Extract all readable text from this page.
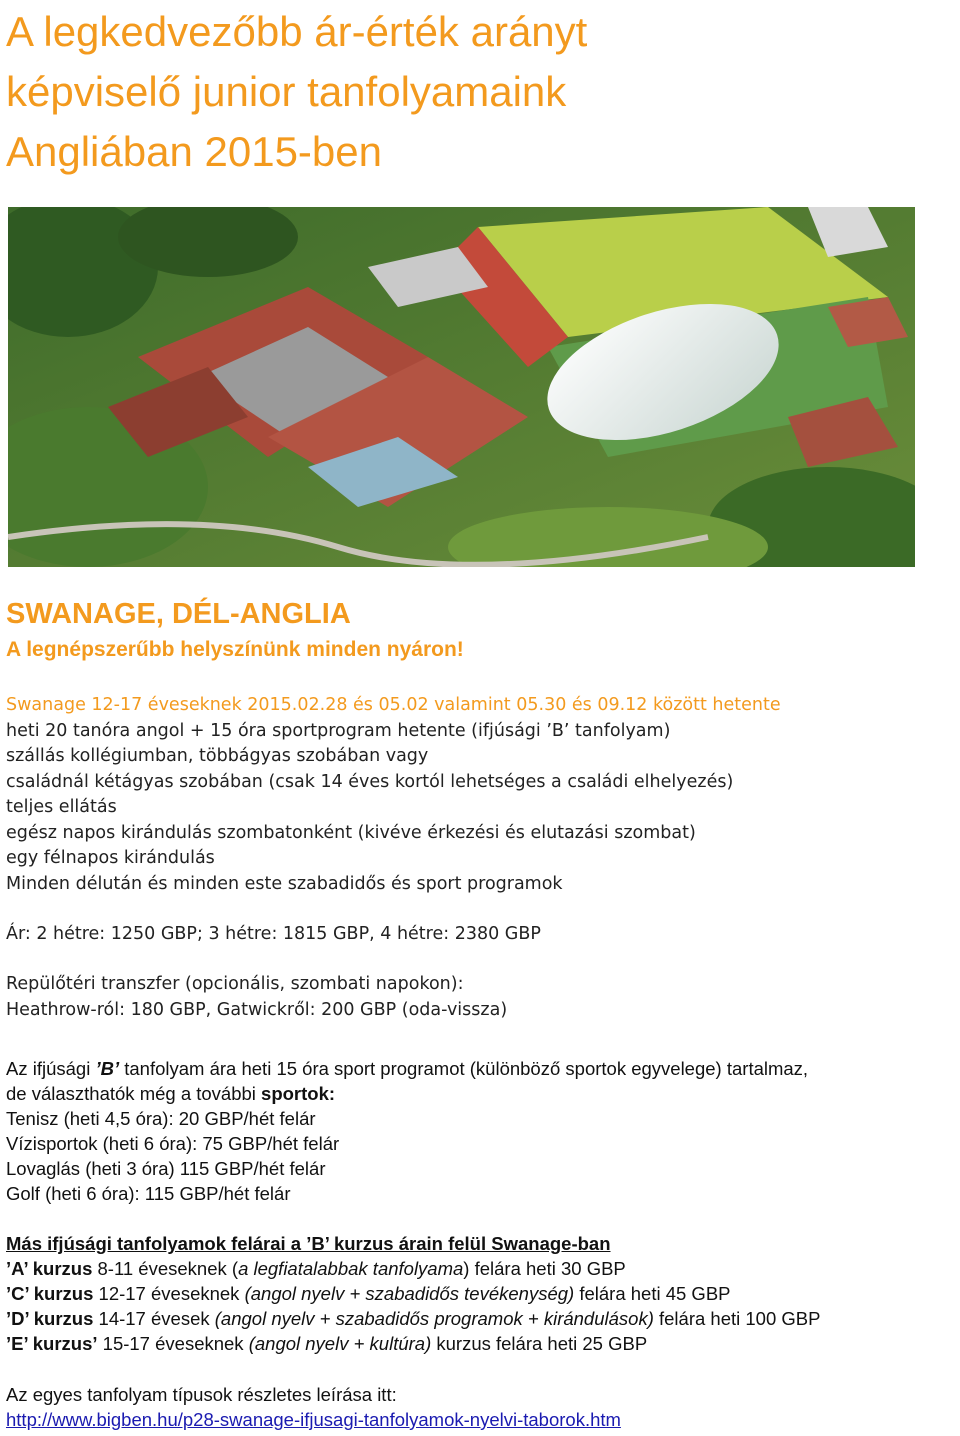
A legkedvezőbb ár-érték arányt
képviselő junior tanfolyamaink
Angliában 2015-ben
SWANAGE, DÉL-ANGLIA
A legnépszerűbb helyszínünk minden nyáron!
Swanage 12-17 éveseknek 2015.02.28 és 05.02 valamint 05.30 és 09.12 között hetente
heti 20 tanóra angol + 15 óra sportprogram hetente (ifjúsági ’B’ tanfolyam)
szállás kollégiumban, többágyas szobában vagy
családnál kétágyas szobában (csak 14 éves kortól lehetséges a családi elhelyezés)
teljes ellátás
egész napos kirándulás szombatonként (kivéve érkezési és elutazási szombat)
egy félnapos kirándulás
Minden délután és minden este szabadidős és sport programok
Ár: 2 hétre: 1250 GBP; 3 hétre: 1815 GBP, 4 hétre: 2380 GBP
Repülőtéri transzfer (opcionális, szombati napokon):
Heathrow-ról: 180 GBP, Gatwickről: 200 GBP (oda-vissza)
Az ifjúsági ’B’ tanfolyam ára heti 15 óra sport programot (különböző sportok egyvelege) tartalmaz,
de választhatók még a további sportok:
Tenisz (heti 4,5 óra): 20 GBP/hét felár
Vízisportok (heti 6 óra): 75 GBP/hét felár
Lovaglás (heti 3 óra) 115 GBP/hét felár
Golf (heti 6 óra): 115 GBP/hét felár
Más ifjúsági tanfolyamok felárai a ’B’ kurzus árain felül Swanage-ban
’A’ kurzus 8-11 éveseknek (a legfiatalabbak tanfolyama) felára heti 30 GBP
’C’ kurzus 12-17 éveseknek (angol nyelv + szabadidős tevékenység) felára heti 45 GBP
’D’ kurzus 14-17 évesek (angol nyelv + szabadidős programok + kirándulások) felára heti 100 GBP
’E’ kurzus’ 15-17 éveseknek (angol nyelv + kultúra) kurzus felára heti 25 GBP
Az egyes tanfolyam típusok részletes leírása itt:
http://www.bigben.hu/p28-swanage-ifjusagi-tanfolyamok-nyelvi-taborok.htm
